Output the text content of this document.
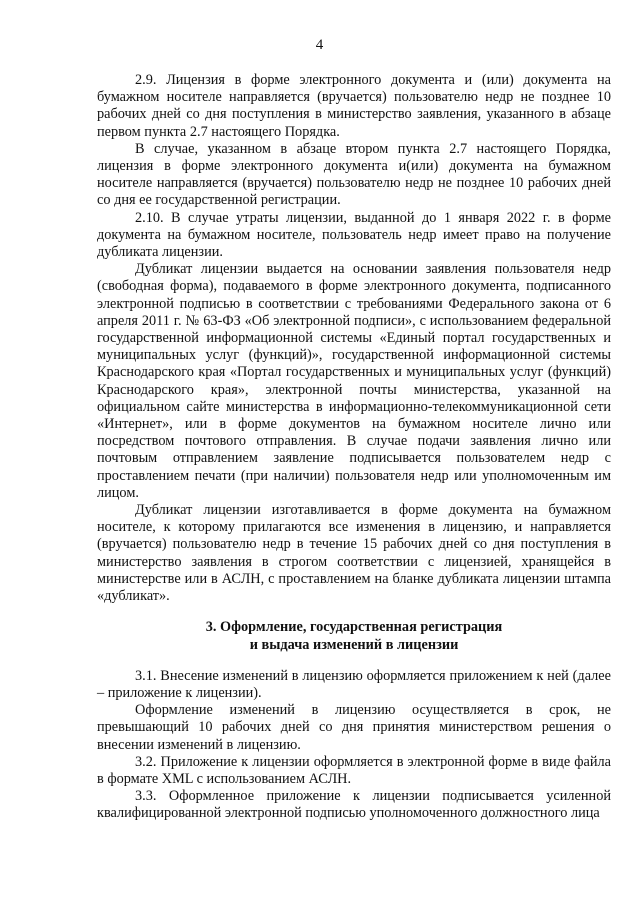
4

2.9. Лицензия в форме электронного документа и (или) документа на бумажном носителе направляется (вручается) пользователю недр не позднее 10 рабочих дней со дня поступления в министерство заявления, указанного в абзаце первом пункта 2.7 настоящего Порядка.

В случае, указанном в абзаце втором пункта 2.7 настоящего Порядка, лицензия в форме электронного документа и(или) документа на бумажном носителе направляется (вручается) пользователю недр не позднее 10 рабочих дней со дня ее государственной регистрации.

2.10. В случае утраты лицензии, выданной до 1 января 2022 г. в форме документа на бумажном носителе, пользователь недр имеет право на получение дубликата лицензии.

Дубликат лицензии выдается на основании заявления пользователя недр (свободная форма), подаваемого в форме электронного документа, подписанного электронной подписью в соответствии с требованиями Федерального закона от 6 апреля 2011 г. № 63-ФЗ «Об электронной подписи», с использованием федеральной государственной информационной системы «Единый портал государственных и муниципальных услуг (функций)», государственной информационной системы Краснодарского края «Портал государственных и муниципальных услуг (функций) Краснодарского края», электронной почты министерства, указанной на официальном сайте министерства в информационно-телекоммуникационной сети «Интернет», или в форме документов на бумажном носителе лично или посредством почтового отправления. В случае подачи заявления лично или почтовым отправлением заявление подписывается пользователем недр с проставлением печати (при наличии) пользователя недр или уполномоченным им лицом.

Дубликат лицензии изготавливается в форме документа на бумажном носителе, к которому прилагаются все изменения в лицензию, и направляется (вручается) пользователю недр в течение 15 рабочих дней со дня поступления в министерство заявления в строгом соответствии с лицензией, хранящейся в министерстве или в АСЛН, с проставлением на бланке дубликата лицензии штампа «дубликат».

3. Оформление, государственная регистрация
и выдача изменений в лицензии

3.1. Внесение изменений в лицензию оформляется приложением к ней (далее – приложение к лицензии).

Оформление изменений в лицензию осуществляется в срок, не превышающий 10 рабочих дней со дня принятия министерством решения о внесении изменений в лицензию.

3.2. Приложение к лицензии оформляется в электронной форме в виде файла в формате XML с использованием АСЛН.

3.3. Оформленное приложение к лицензии подписывается усиленной квалифицированной электронной подписью уполномоченного должностного лица
